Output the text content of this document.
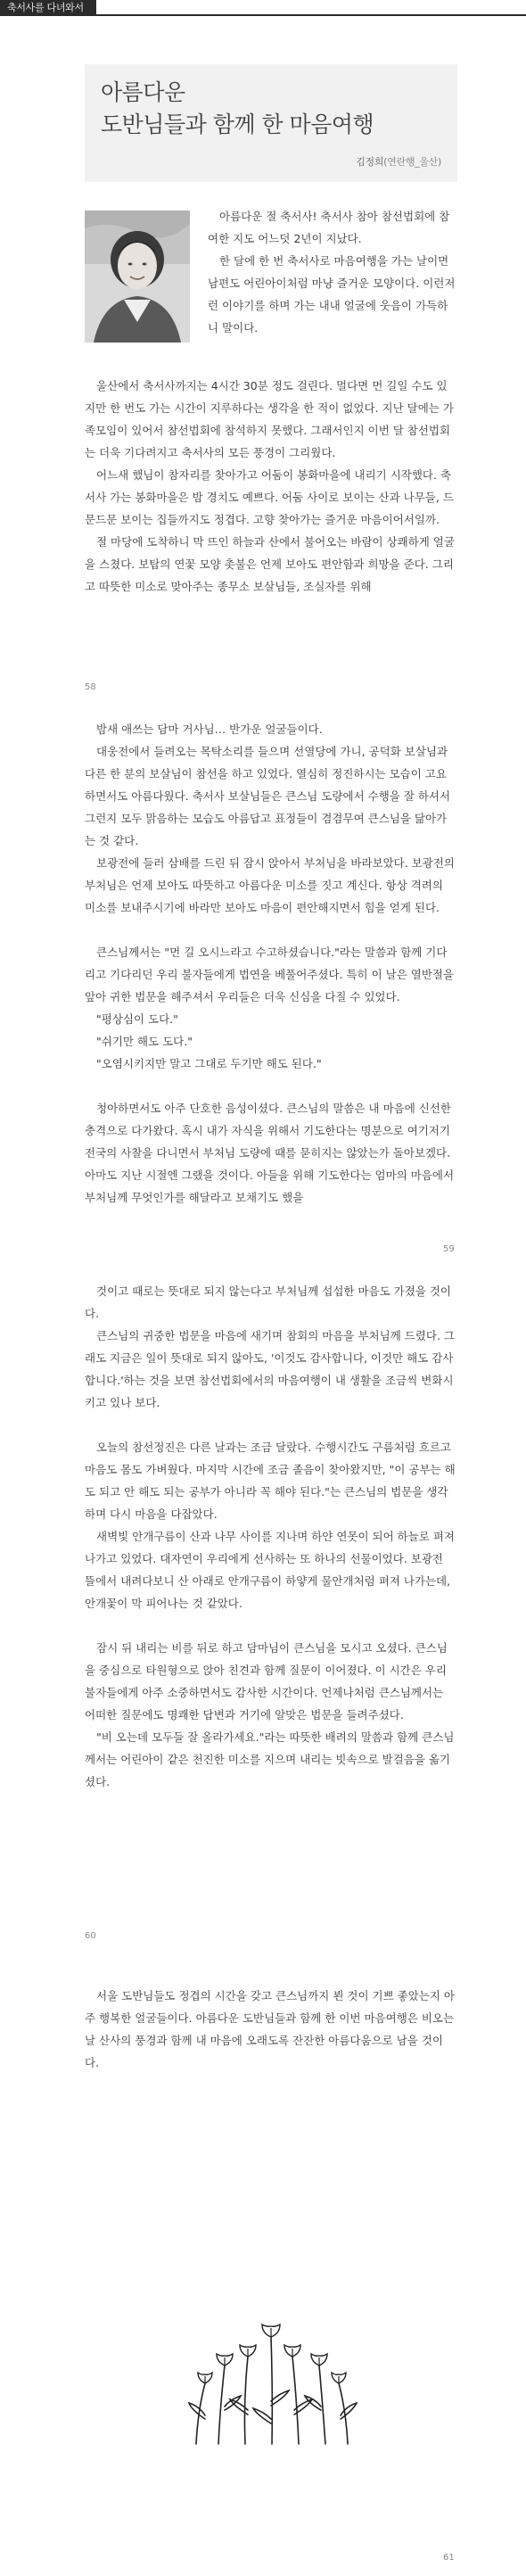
축서사를 다녀와서
아름다운
도반님들과 함께 한 마음여행
김정희(연란행_울산)

아름다운 절 축서사! 축서사 참아 참선법회에 참여한 지도 어느덧 2년이 지났다.

한 달에 한 번 축서사로 마음여행을 가는 날이면 남편도 어린아이처럼 마냥 즐거운 모양이다. 이런저런 이야기를 하며 가는 내내 얼굴에 웃음이 가득하니 말이다.

울산에서 축서사까지는 4시간 30분 정도 걸린다. 멀다면 먼 길일 수도 있지만 한 번도 가는 시간이 지루하다는 생각을 한 적이 없었다. 지난 달에는 가족모임이 있어서 참선법회에 참석하지 못했다. 그래서인지 이번 달 참선법회는 더욱 기다려지고 축서사의 모든 풍경이 그리웠다.

어느새 했님이 참자리를 찾아가고 어둠이 봉화마을에 내리기 시작했다. 축서사 가는 봉화마을은 밤 경치도 예쁘다. 어둠 사이로 보이는 산과 나무들, 드문드문 보이는 집들까지도 정겹다. 고향 찾아가는 즐거운 마음이어서일까.

절 마당에 도착하니 막 뜨인 하늘과 산에서 불어오는 바람이 상쾌하게 얼굴을 스쳤다. 보탑의 연꽃 모양 촛불은 언제 보아도 편안함과 희망을 준다. 그리고 따뜻한 미소로 맞아주는 종무소 보살님들, 조실자를 위해

58

밤새 애쓰는 담마 거사님… 반가운 얼굴들이다.

대웅전에서 들려오는 목탁소리를 들으며 선열당에 가니, 공덕화 보살님과 다른 한 분의 보살님이 참선을 하고 있었다. 열심히 정진하시는 모습이 고요하면서도 아름다웠다. 축서사 보살님들은 큰스님 도량에서 수행을 잘 하셔서 그런지 모두 맑음하는 모습도 아름답고 표정들이 겸겸무여 큰스님을 닮아가는 것 같다.

보광전에 들러 삼배를 드린 뒤 잠시 앉아서 부처님을 바라보았다. 보광전의 부처님은 언제 보아도 따뜻하고 아름다운 미소를 짓고 계신다. 항상 격려의 미소를 보내주시기에 바라만 보아도 마음이 편안해지면서 힘을 얻게 된다.

큰스님께서는 "먼 길 오시느라고 수고하셨습니다."라는 말씀과 함께 기다리고 기다리던 우리 불자들에게 법연을 베풀어주셨다. 특히 이 날은 열반절을 앞아 귀한 법문을 해주셔서 우리들은 더욱 신심을 다질 수 있었다.

"평상심이 도다."

"쉬기만 해도 도다."

"오염시키지만 말고 그대로 두기만 해도 된다."

청아하면서도 아주 단호한 음성이셨다. 큰스님의 말씀은 내 마음에 신선한 충격으로 다가왔다. 혹시 내가 자식을 위해서 기도한다는 명분으로 여기저기 전국의 사찰을 다니면서 부처님 도량에 때를 묻히지는 않았는가 돌아보겠다. 아마도 지난 시절엔 그랬을 것이다. 아들을 위해 기도한다는 엄마의 마음에서 부처님께 무엇인가를 해달라고 보채기도 했을

59

것이고 때로는 뜻대로 되지 않는다고 부처님께 섭섭한 마음도 가졌을 것이다.

큰스님의 귀중한 법문을 마음에 새기며 참회의 마음을 부처님께 드렸다. 그래도 지금은 일이 뜻대로 되지 않아도, '이것도 감사합니다, 이것만 해도 감사합니다.'하는 것을 보면 참선법회에서의 마음여행이 내 생활을 조금씩 변화시키고 있나 보다.

오늘의 참선정진은 다른 날과는 조금 달랐다. 수행시간도 구름처럼 흐르고 마음도 몸도 가벼웠다. 마지막 시간에 조금 졸음이 찾아왔지만, "이 공부는 해도 되고 안 해도 되는 공부가 아니라 꼭 해야 된다."는 큰스님의 법문을 생각하며 다시 마음을 다잡았다.

새벽빛 안개구름이 산과 나무 사이를 지나며 하얀 연못이 되어 하늘로 펴져나가고 있었다. 대자연이 우리에게 선사하는 또 하나의 선물이었다. 보광전 뜰에서 내려다보니 산 아래로 안개구름이 하얗게 물안개처럼 펴져 나가는데, 안개꽃이 막 피어나는 것 같았다.

잠시 뒤 내리는 비를 뒤로 하고 담마님이 큰스님을 모시고 오셨다. 큰스님을 중심으로 타원형으로 앉아 친견과 함께 질문이 이어졌다. 이 시간은 우리 불자들에게 아주 소중하면서도 감사한 시간이다. 언제나처럼 큰스님께서는 어떠한 질문에도 명쾌한 답변과 거기에 알맞은 법문을 들려주셨다.

"비 오는데 모두들 잘 올라가세요."라는 따뜻한 배려의 말씀과 함께 큰스님께서는 어린아이 같은 천진한 미소를 지으며 내리는 빗속으로 발걸음을 옮기셨다.

60

서울 도반님들도 정겹의 시간을 갖고 큰스님까지 뵌 것이 기쁘 좋았는지 아주 행복한 얼굴들이다. 아름다운 도반님들과 함께 한 이번 마음여행은 비오는 날 산사의 풍경과 함께 내 마음에 오래도록 잔잔한 아름다움으로 남을 것이다.

61
